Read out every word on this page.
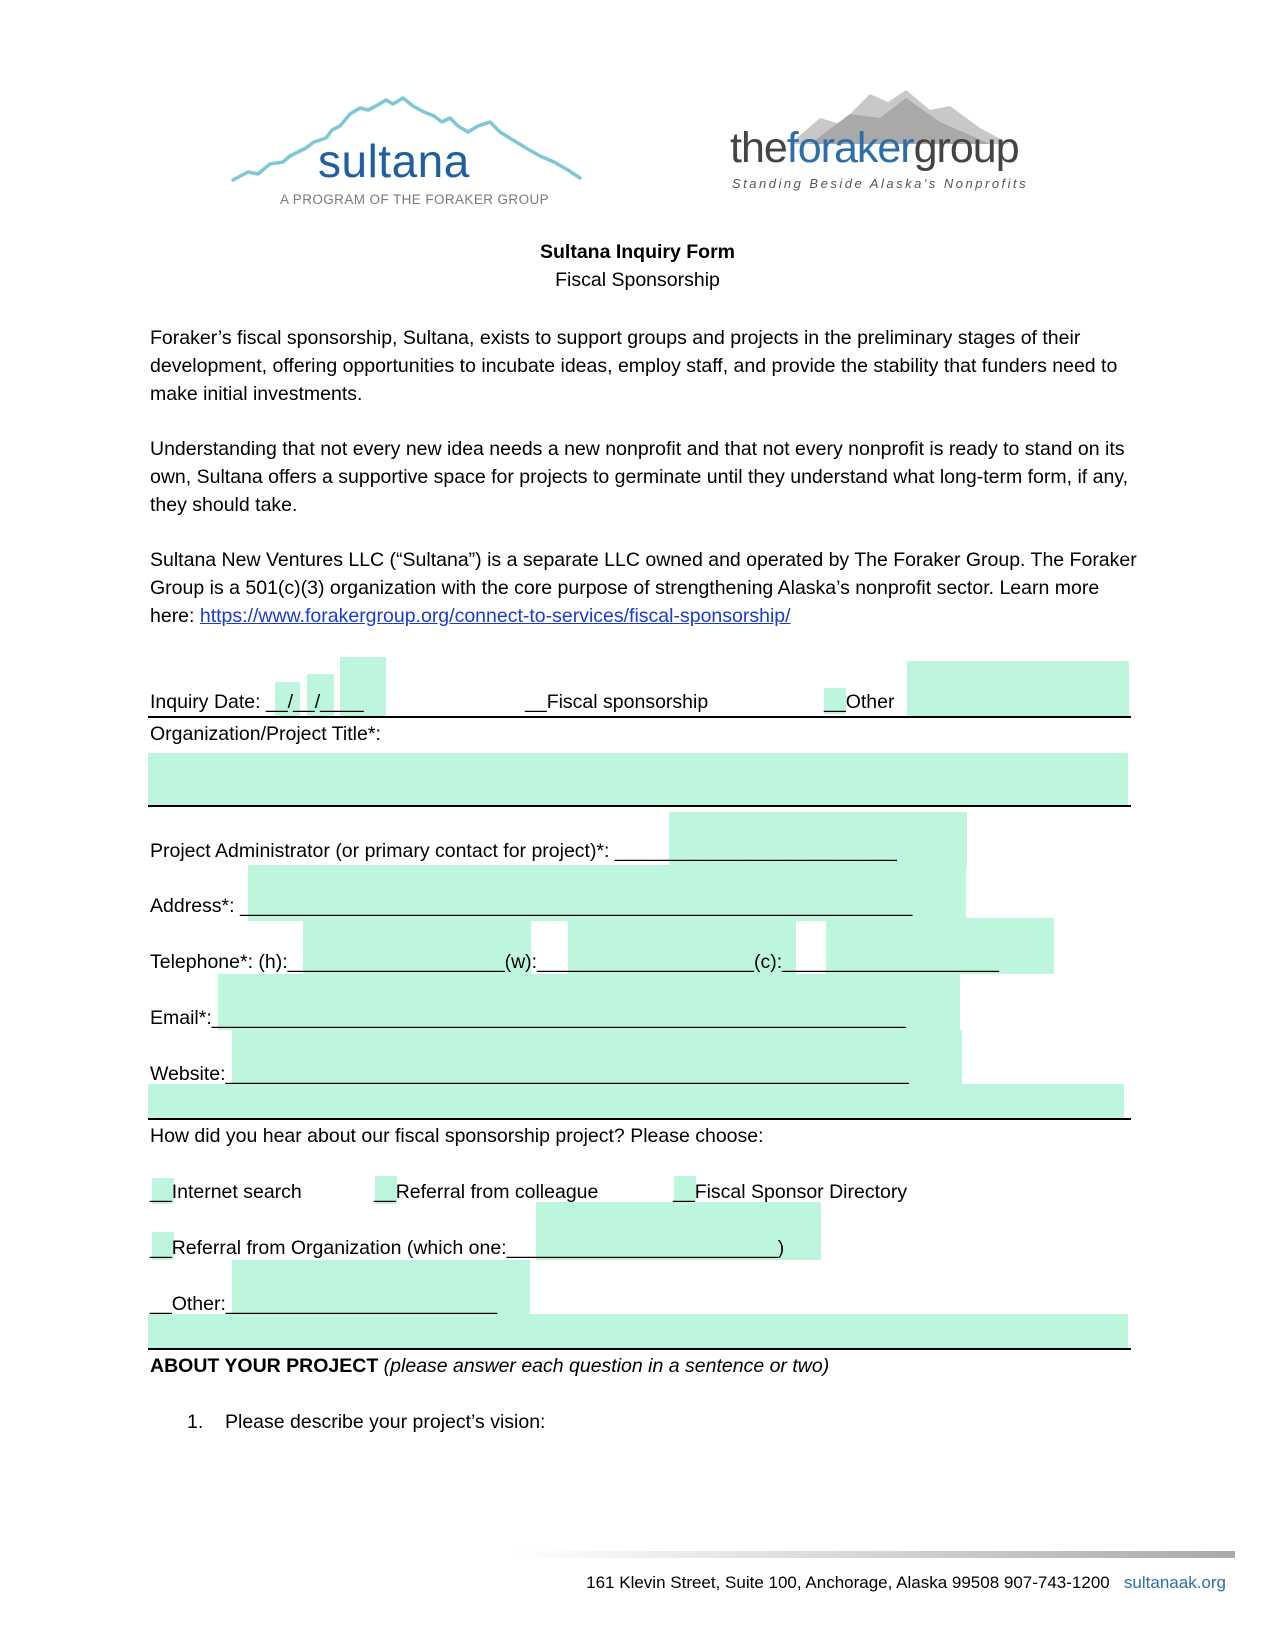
sultana
A PROGRAM OF THE FORAKER GROUP
theforakergroup
Standing Beside Alaska's Nonprofits
Sultana Inquiry Form
Fiscal Sponsorship

Foraker’s fiscal sponsorship, Sultana, exists to support groups and projects in the preliminary stages of their development, offering opportunities to incubate ideas, employ staff, and provide the stability that funders need to make initial investments.

Understanding that not every new idea needs a new nonprofit and that not every nonprofit is ready to stand on its own, Sultana offers a supportive space for projects to germinate until they understand what long-term form, if any, they should take.

Sultana New Ventures LLC (“Sultana”) is a separate LLC owned and operated by The Foraker Group. The Foraker Group is a 501(c)(3) organization with the core purpose of strengthening Alaska’s nonprofit sector. Learn more here: https://www.forakergroup.org/connect-to-services/fiscal-sponsorship/

Inquiry Date: __/__/____	__Fiscal sponsorship	__Other
Organization/Project Title*:
Project Administrator (or primary contact for project)*: __________________________
Address*: ______________________________________________________________
Telephone*: (h):____________________(w):____________________(c):____________________
Email*:________________________________________________________________
Website:_______________________________________________________________
How did you hear about our fiscal sponsorship project? Please choose:
__Internet search	__Referral from colleague	__Fiscal Sponsor Directory
__Referral from Organization (which one:_________________________)
__Other:_________________________
ABOUT YOUR PROJECT (please answer each question in a sentence or two)
1. Please describe your project’s vision:
161 Klevin Street, Suite 100, Anchorage, Alaska 99508 907-743-1200 sultanaak.org
